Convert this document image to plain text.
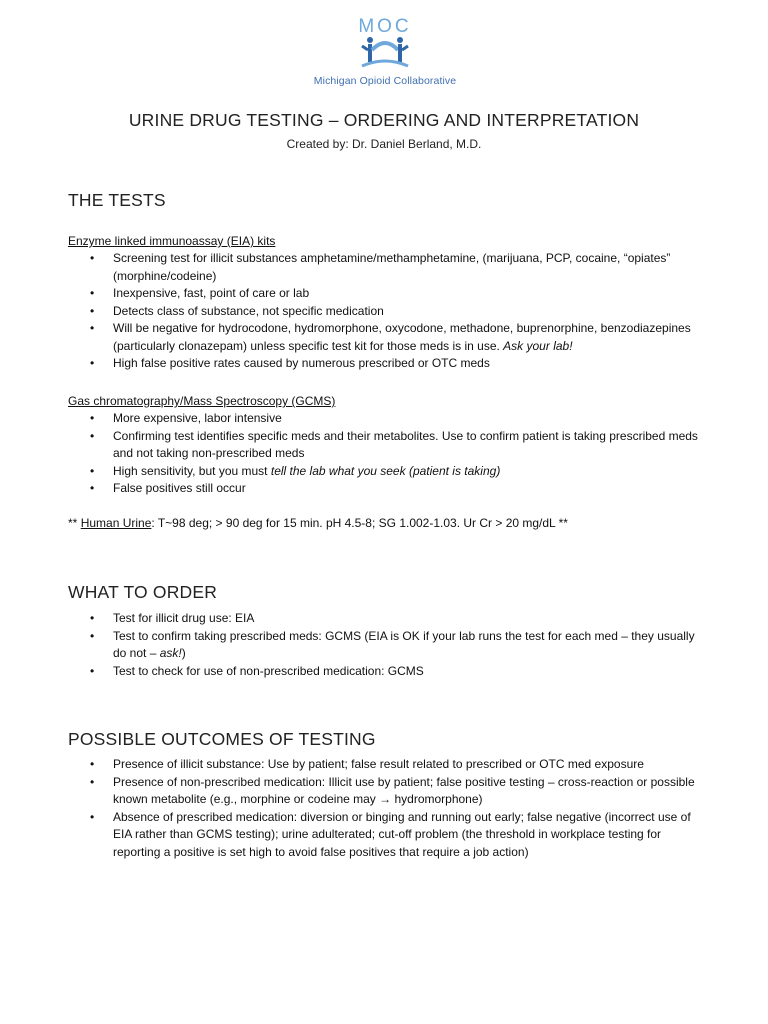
MOC
Michigan Opioid Collaborative
URINE DRUG TESTING – ORDERING AND INTERPRETATION
Created by: Dr. Daniel Berland, M.D.
THE TESTS
Enzyme linked immunoassay (EIA) kits
• Screening test for illicit substances amphetamine/methamphetamine, (marijuana, PCP, cocaine, “opiates” (morphine/codeine)
• Inexpensive, fast, point of care or lab
• Detects class of substance, not specific medication
• Will be negative for hydrocodone, hydromorphone, oxycodone, methadone, buprenorphine, benzodiazepines (particularly clonazepam) unless specific test kit for those meds is in use. Ask your lab!
• High false positive rates caused by numerous prescribed or OTC meds
Gas chromatography/Mass Spectroscopy (GCMS)
• More expensive, labor intensive
• Confirming test identifies specific meds and their metabolites. Use to confirm patient is taking prescribed meds and not taking non-prescribed meds
• High sensitivity, but you must tell the lab what you seek (patient is taking)
• False positives still occur
** Human Urine: T~98 deg; > 90 deg for 15 min. pH 4.5-8; SG 1.002-1.03. Ur Cr > 20 mg/dL **
WHAT TO ORDER
• Test for illicit drug use: EIA
• Test to confirm taking prescribed meds: GCMS (EIA is OK if your lab runs the test for each med – they usually do not – ask!)
• Test to check for use of non-prescribed medication: GCMS
POSSIBLE OUTCOMES OF TESTING
• Presence of illicit substance: Use by patient; false result related to prescribed or OTC med exposure
• Presence of non-prescribed medication: Illicit use by patient; false positive testing – cross-reaction or possible known metabolite (e.g., morphine or codeine may → hydromorphone)
• Absence of prescribed medication: diversion or binging and running out early; false negative (incorrect use of EIA rather than GCMS testing); urine adulterated; cut-off problem (the threshold in workplace testing for reporting a positive is set high to avoid false positives that require a job action)
